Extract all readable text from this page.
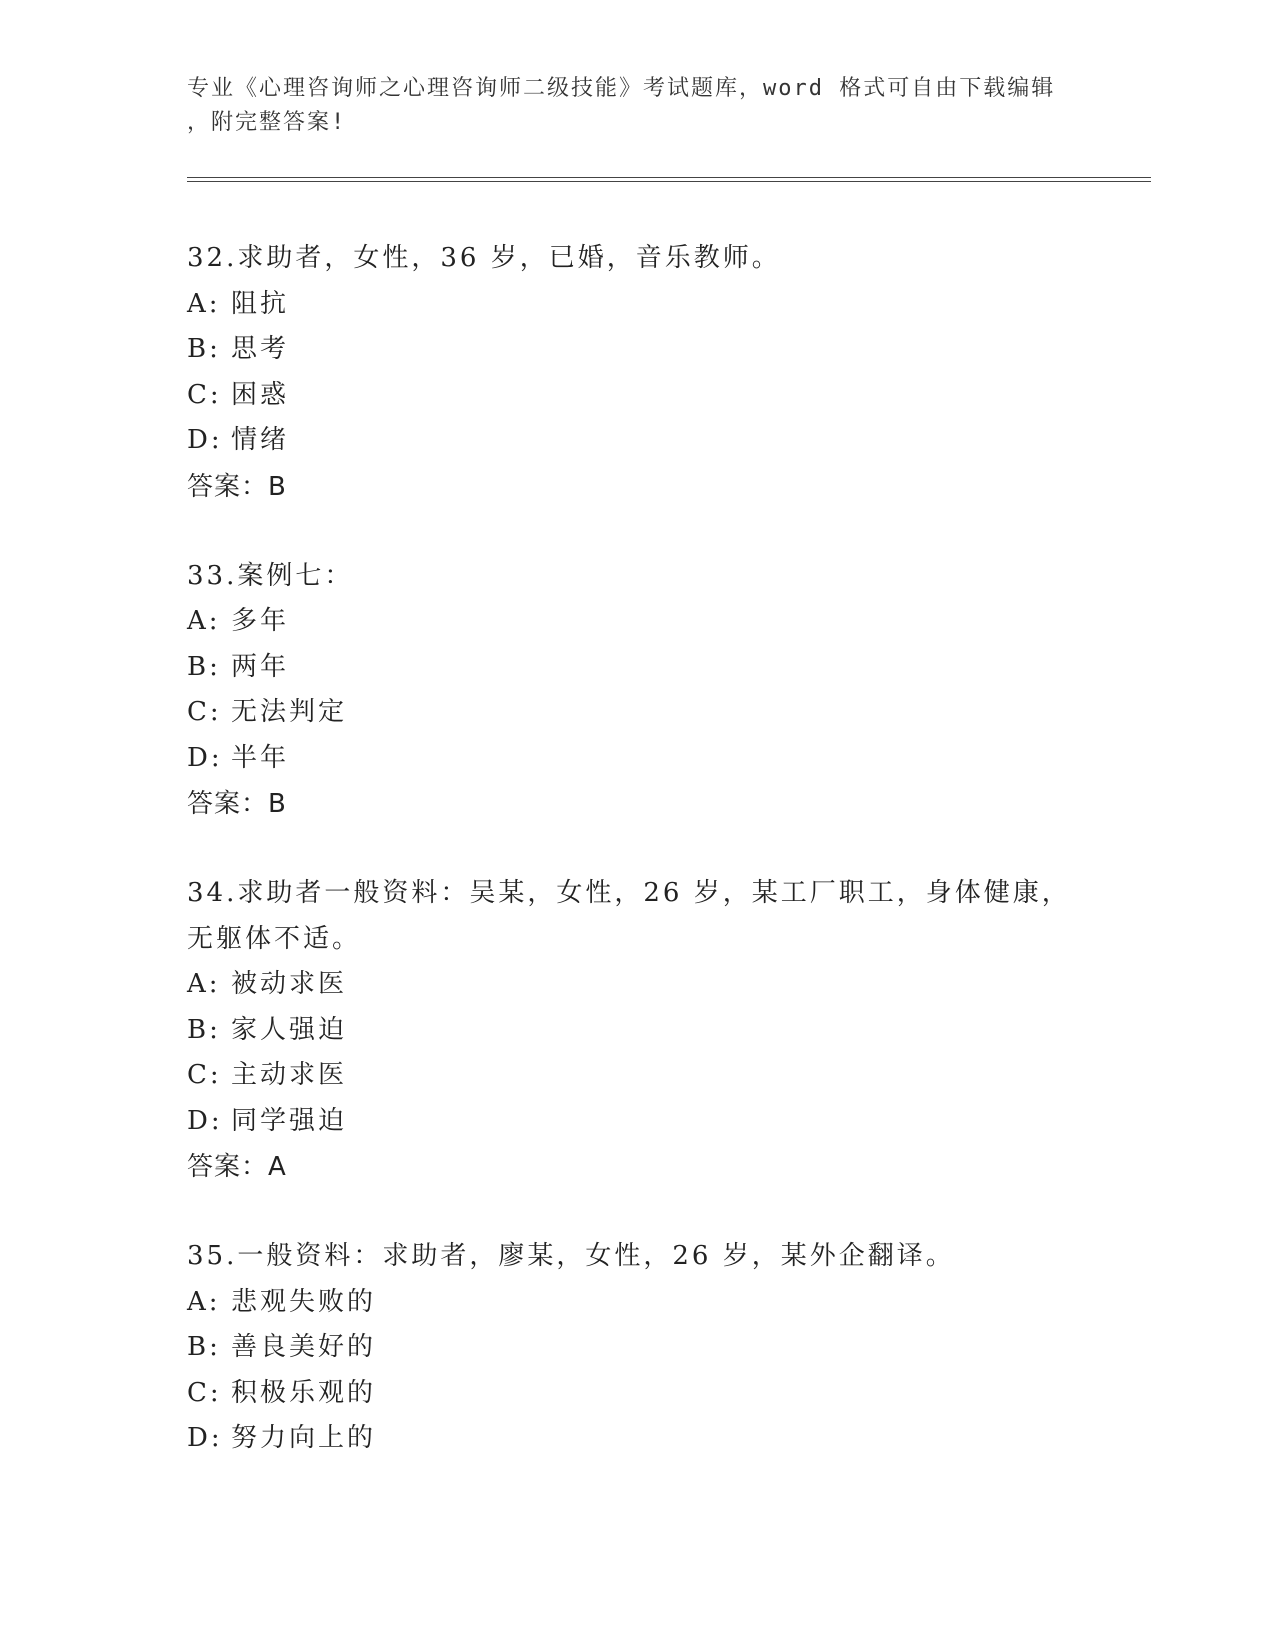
专业《心理咨询师之心理咨询师二级技能》考试题库，word 格式可自由下载编辑
，附完整答案!
32.求助者，女性，36 岁，已婚，音乐教师。
A: 阻抗
B: 思考
C: 困惑
D: 情绪
答案：B
33.案例七：
A: 多年
B: 两年
C: 无法判定
D: 半年
答案：B
34.求助者一般资料：吴某，女性，26 岁，某工厂职工，身体健康，无躯体不适。
A: 被动求医
B: 家人强迫
C: 主动求医
D: 同学强迫
答案：A
35.一般资料：求助者，廖某，女性，26 岁，某外企翻译。
A: 悲观失败的
B: 善良美好的
C: 积极乐观的
D: 努力向上的
